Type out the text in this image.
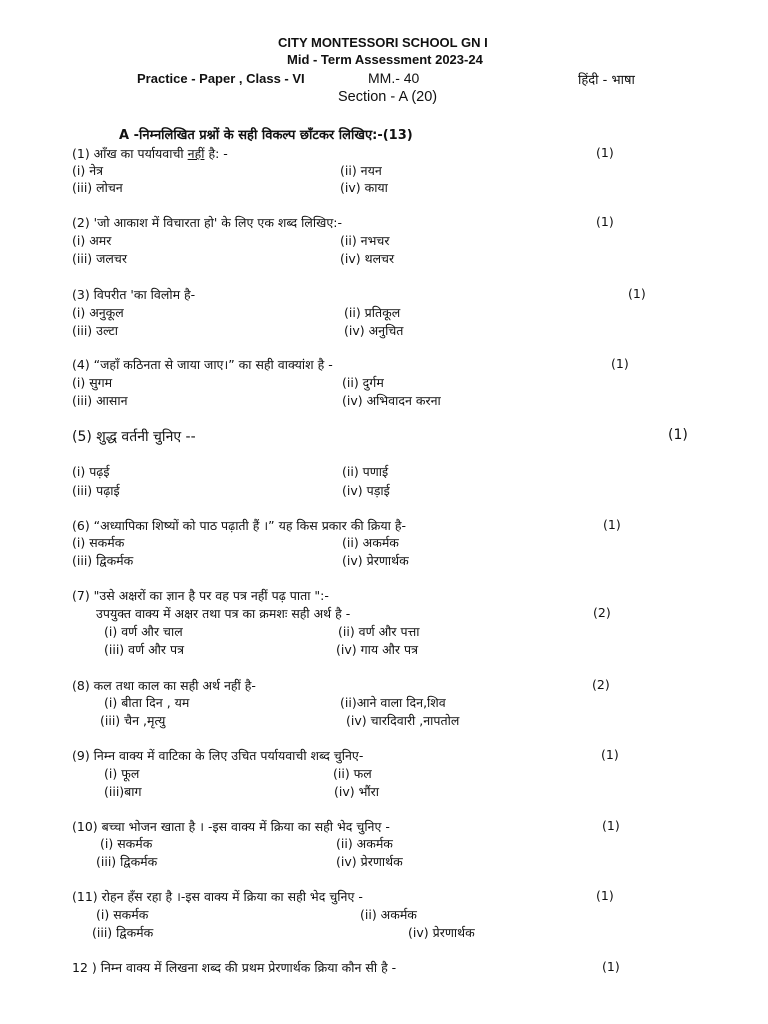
CITY MONTESSORI SCHOOL GN I
Mid - Term Assessment 2023-24
Practice - Paper , Class - VI	MM.- 40	हिंदी - भाषा
Section - A (20)
A -निम्नलिखित प्रश्नों के सही विकल्प छाँटकर लिखिए:-(13)
(1) आँख का पर्यायवाची नहीं है: -	(1)
(i) नेत्र	(ii) नयन
(iii) लोचन	(iv) काया
(2) 'जो आकाश में विचारता हो' के लिए एक शब्द लिखिए:-	(1)
(i) अमर	(ii) नभचर
(iii) जलचर	(iv) थलचर
(3) विपरीत 'का विलोम है-	(1)
(i) अनुकूल	(ii) प्रतिकूल
(iii) उल्टा	(iv) अनुचित
(4) “जहाँ कठिनता से जाया जाए।” का सही वाक्यांश है -	(1)
(i) सुगम	(ii) दुर्गम
(iii) आसान	(iv) अभिवादन करना
(5) शुद्ध वर्तनी चुनिए --	(1)
(i) पढ़ई	(ii) पणाई
(iii) पढ़ाई	(iv) पड़ाई
(6) “अध्यापिका शिष्यों को पाठ पढ़ाती हैं ।” यह किस प्रकार की क्रिया है-	(1)
(i) सकर्मक	(ii) अकर्मक
(iii) द्विकर्मक	(iv) प्रेरणार्थक
(7) "उसे अक्षरों का ज्ञान है पर वह पत्र नहीं पढ़ पाता ":-
उपयुक्त वाक्य में अक्षर तथा पत्र का क्रमशः सही अर्थ है -	(2)
(i) वर्ण और चाल	(ii) वर्ण और पत्ता
(iii) वर्ण और पत्र	(iv) गाय और पत्र
(8) कल तथा काल का सही अर्थ नहीं है-	(2)
(i) बीता दिन , यम	(ii)आने वाला दिन,शिव
(iii) चैन ,मृत्यु	(iv) चारदिवारी ,नापतोल
(9) निम्न वाक्य में वाटिका के लिए उचित पर्यायवाची शब्द चुनिए-	(1)
(i) फूल	(ii) फल
(iii)बाग	(iv) भौंरा
(10) बच्चा भोजन खाता है । -इस वाक्य में क्रिया का सही भेद चुनिए -	(1)
(i) सकर्मक	(ii) अकर्मक
(iii) द्विकर्मक	(iv) प्रेरणार्थक
(11) रोहन हँस रहा है ।-इस वाक्य में क्रिया का सही भेद चुनिए -	(1)
(i) सकर्मक	(ii) अकर्मक
(iii) द्विकर्मक	(iv) प्रेरणार्थक
12 ) निम्न वाक्य में लिखना शब्द की प्रथम प्रेरणार्थक क्रिया कौन सी है -	(1)
